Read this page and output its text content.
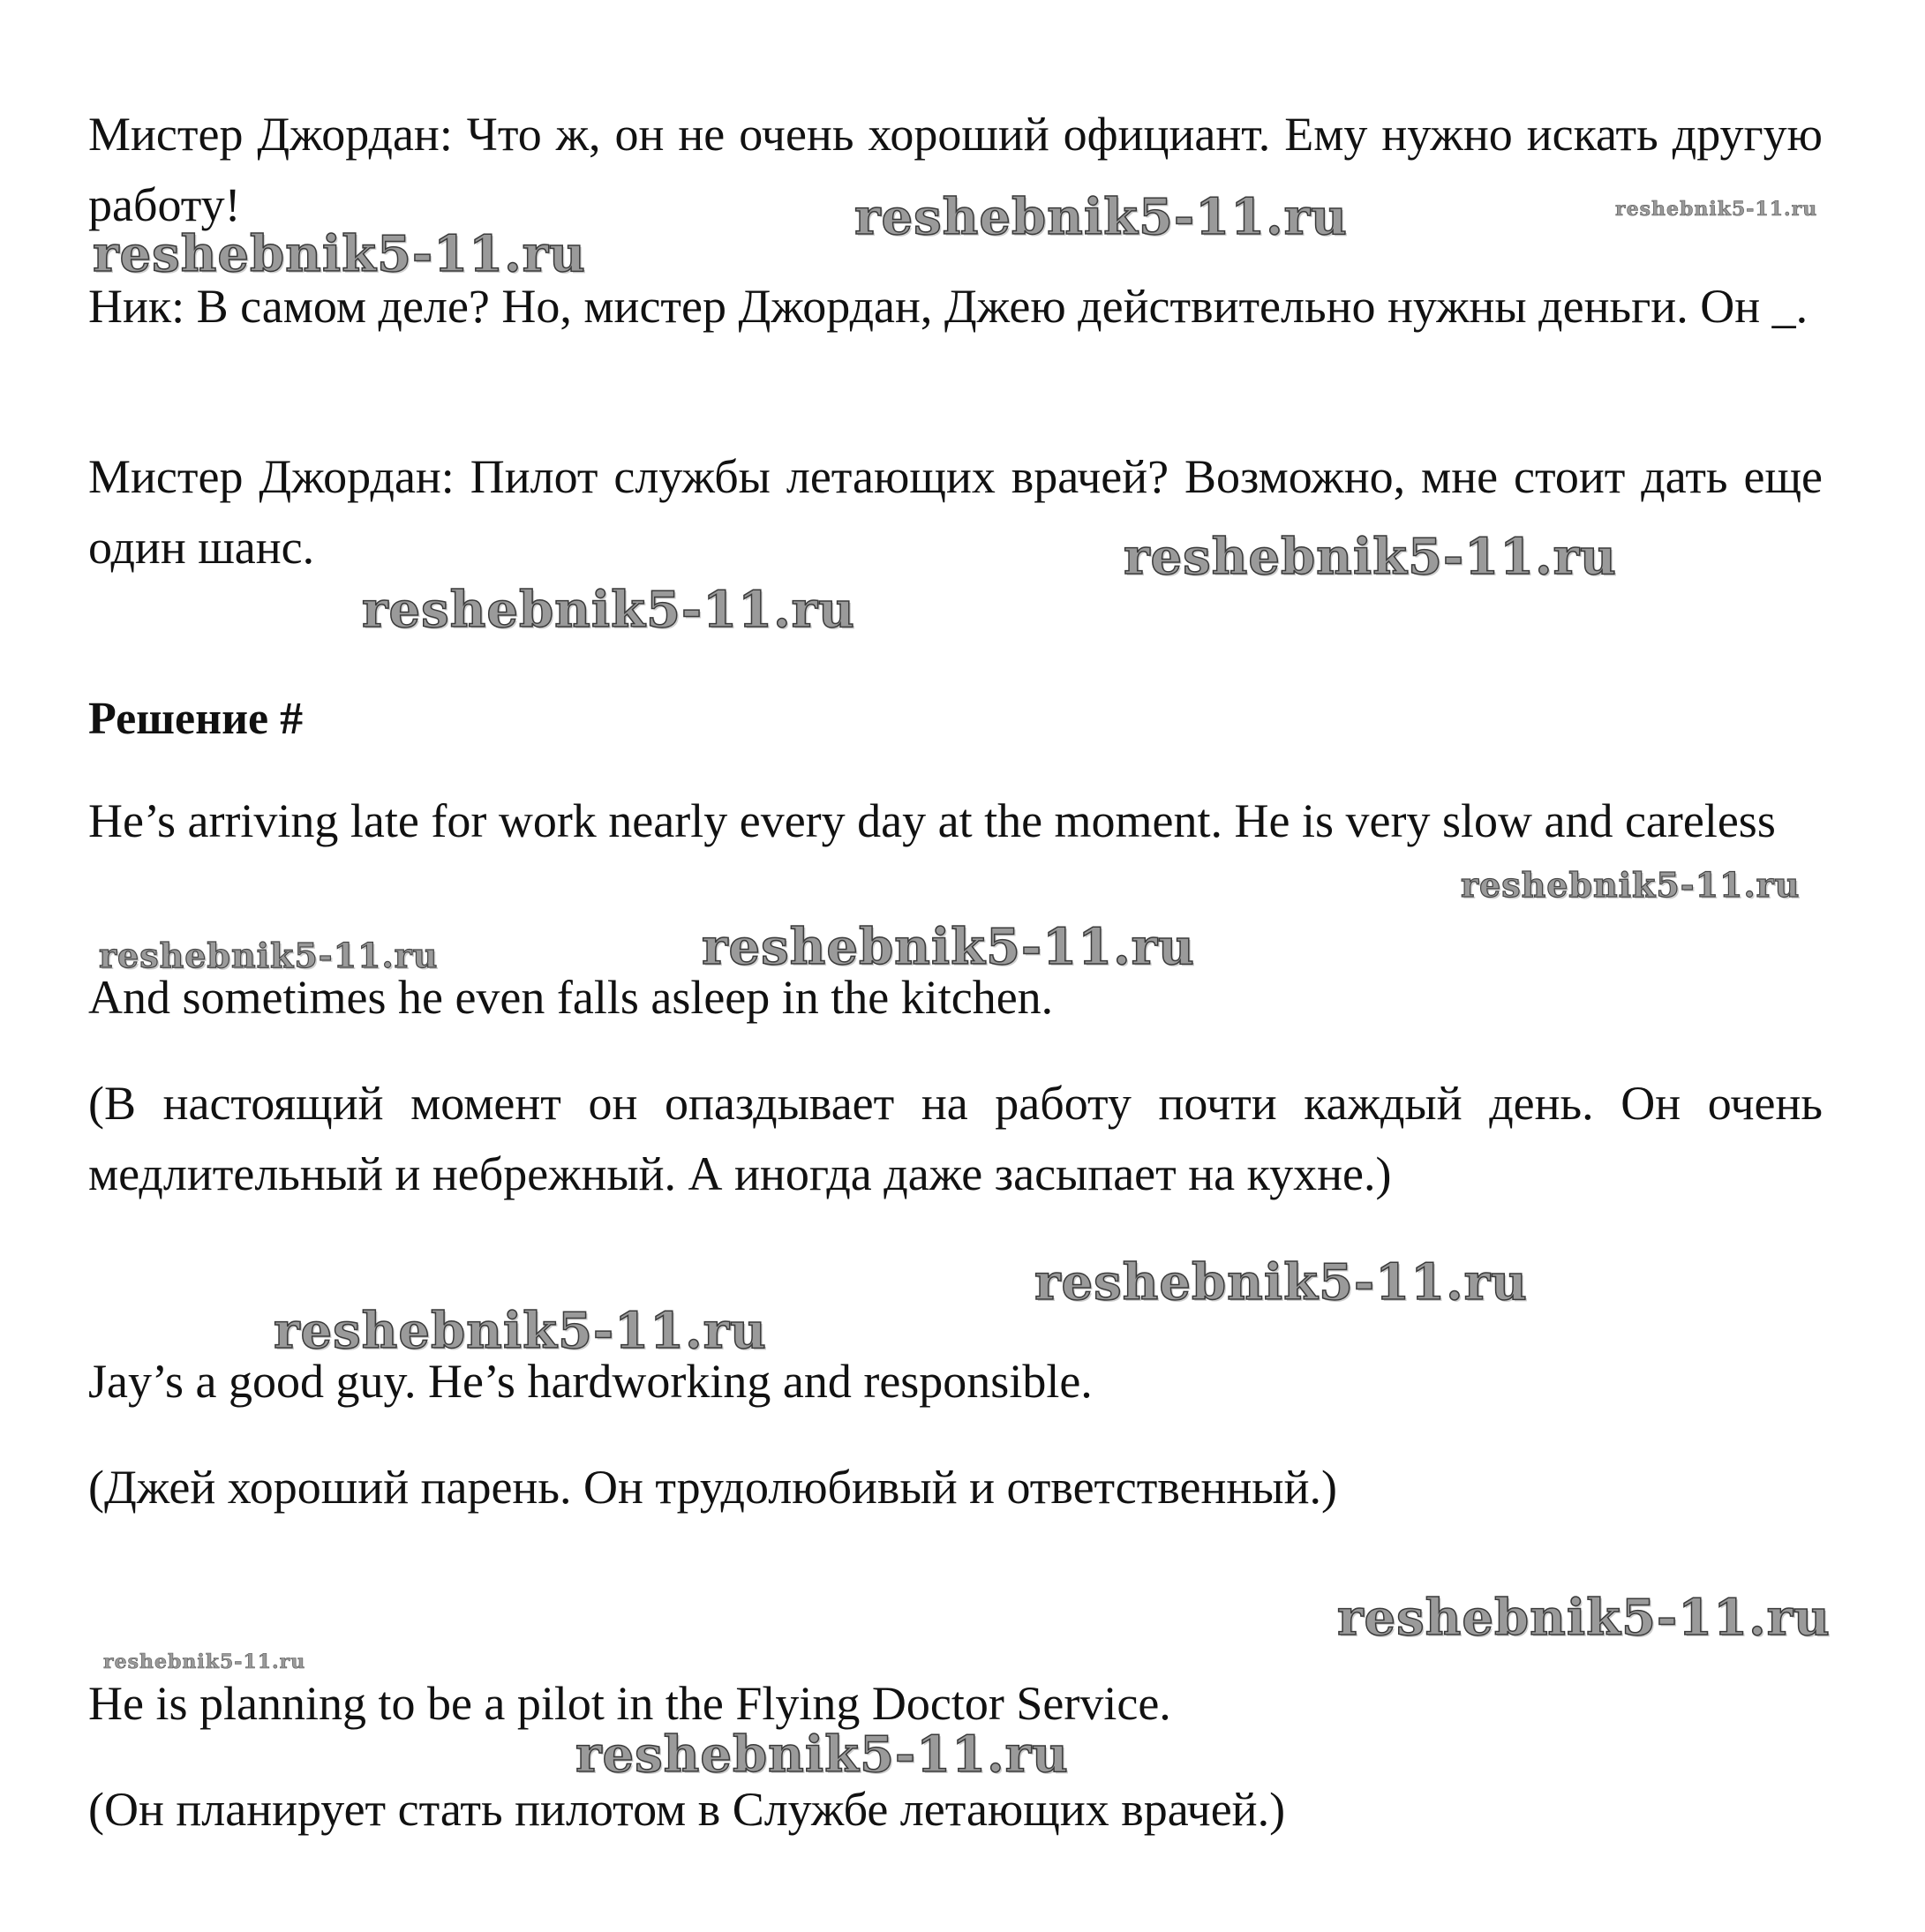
Мистер Джордан: Что ж, он не очень хороший официант. Ему нужно искать другую работу!

Ник: В самом деле? Но, мистер Джордан, Джею действительно нужны деньги. Он _.

Мистер Джордан: Пилот службы летающих врачей? Возможно, мне стоит дать еще один шанс.

Решение #

He’s arriving late for work nearly every day at the moment. He is very slow and careless

And sometimes he even falls asleep in the kitchen.

(В настоящий момент он опаздывает на работу почти каждый день. Он очень медлительный и небрежный. А иногда даже засыпает на кухне.)

Jay’s a good guy. He’s hardworking and responsible.

(Джей хороший парень. Он трудолюбивый и ответственный.)

He is planning to be a pilot in the Flying Doctor Service.

(Он планирует стать пилотом в Службе летающих врачей.)

reshebnik5-11.ru	reshebnik5-11.ru
reshebnik5-11.ru
reshebnik5-11.ru
reshebnik5-11.ru
reshebnik5-11.ru
reshebnik5-11.ru	reshebnik5-11.ru
reshebnik5-11.ru
reshebnik5-11.ru
reshebnik5-11.ru
reshebnik5-11.ru
reshebnik5-11.ru
